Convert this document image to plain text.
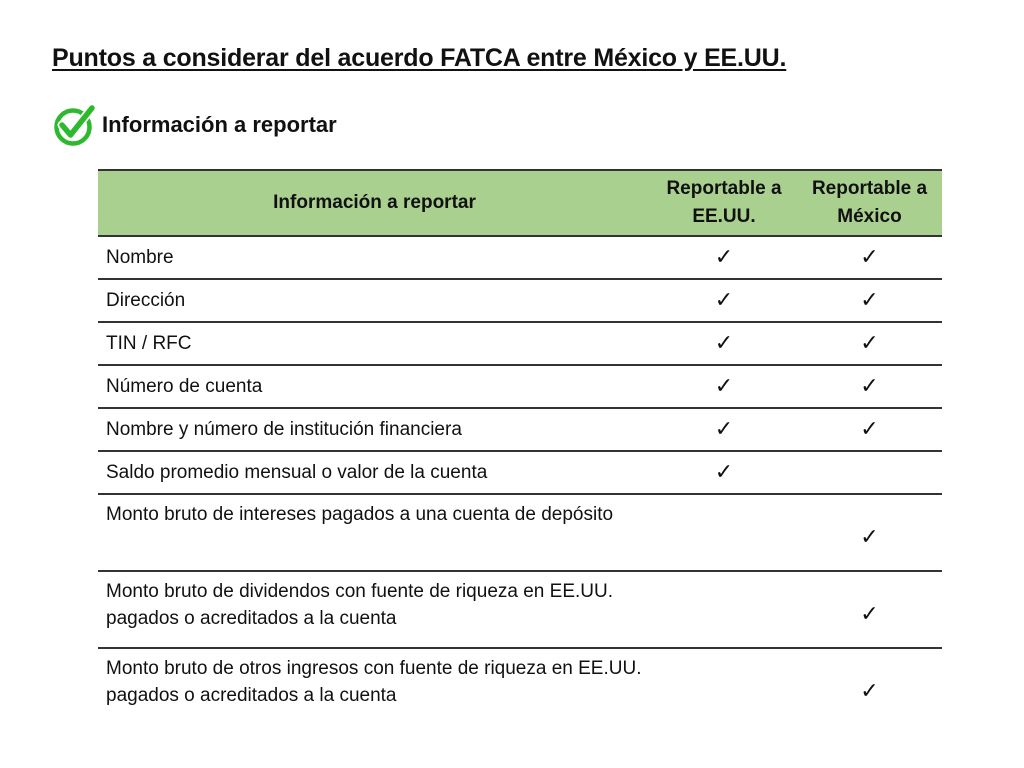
Puntos a considerar del acuerdo FATCA entre México y EE.UU.
Información a reportar
Información a reportar	Reportable a EE.UU.	Reportable a México
Nombre	✓	✓
Dirección	✓	✓
TIN / RFC	✓	✓
Número de cuenta	✓	✓
Nombre y número de institución financiera	✓	✓
Saldo promedio mensual o valor de la cuenta	✓	
Monto bruto de intereses pagados a una cuenta de depósito		✓
Monto bruto de dividendos con fuente de riqueza en EE.UU. pagados o acreditados a la cuenta		✓
Monto bruto de otros ingresos con fuente de riqueza en EE.UU. pagados o acreditados a la cuenta		✓
